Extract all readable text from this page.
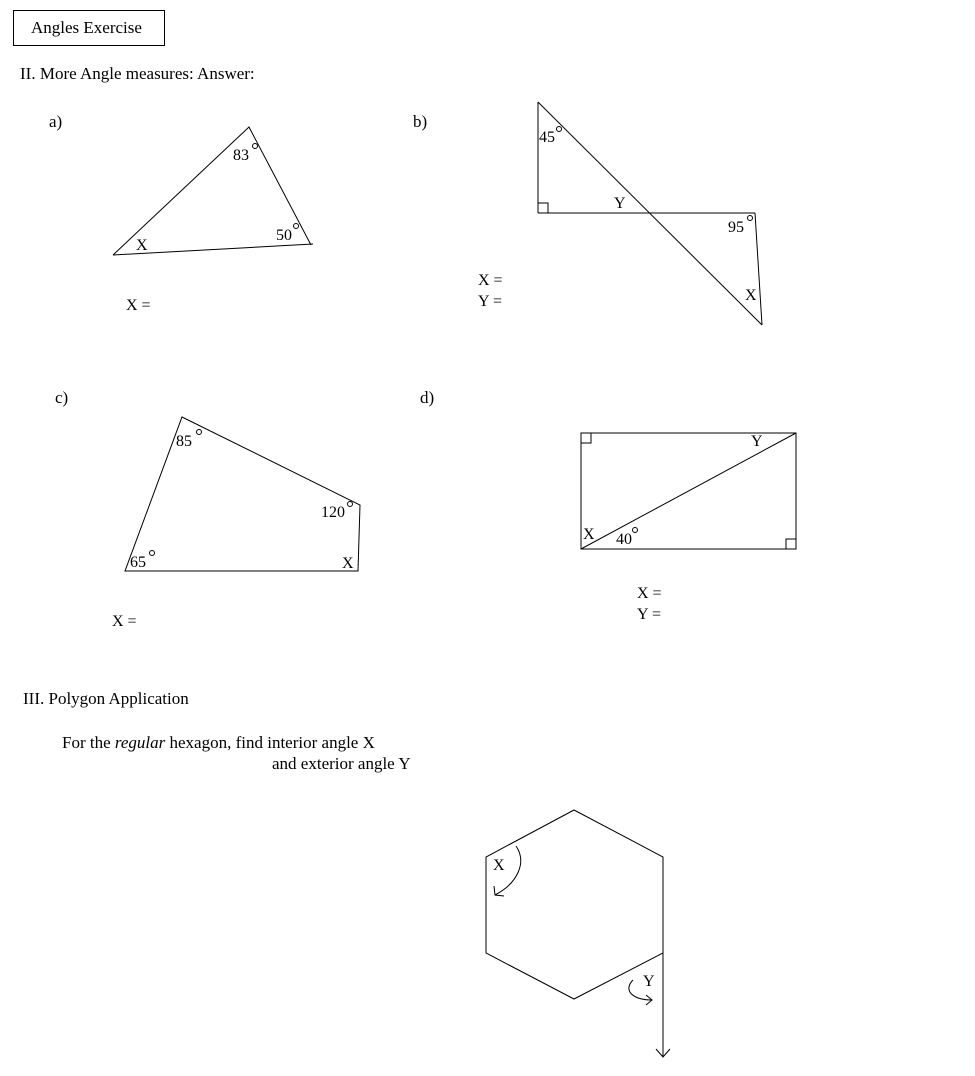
Angles Exercise
II. More Angle measures: Answer:
a)	b)
c)	d)
X =
X =
Y =
X =
X =
Y =
III. Polygon Application
For the regular hexagon, find interior angle X
and exterior angle Y
83
50
X
45
95
Y
X
85
120
65	X
X 40
Y
X
Y
